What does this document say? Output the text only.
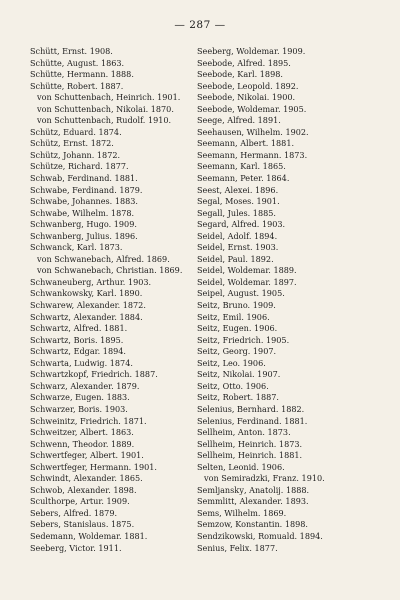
— 287 —
Schütt, Ernst. 1908.
Schütte, August. 1863.
Schütte, Hermann. 1888.
Schütte, Robert. 1887.
von Schuttenbach, Heinrich. 1901.
von Schuttenbach, Nikolai. 1870.
von Schuttenbach, Rudolf. 1910.
Schütz, Eduard. 1874.
Schütz, Ernst. 1872.
Schütz, Johann. 1872.
Schütze, Richard. 1877.
Schwab, Ferdinand. 1881.
Schwabe, Ferdinand. 1879.
Schwabe, Johannes. 1883.
Schwabe, Wilhelm. 1878.
Schwanberg, Hugo. 1909.
Schwanberg, Julius. 1896.
Schwanck, Karl. 1873.
von Schwanebach, Alfred. 1869.
von Schwanebach, Christian. 1869.
Schwaneuberg, Arthur. 1903.
Schwankowsky, Karl. 1890.
Schwarew, Alexander. 1872.
Schwartz, Alexander. 1884.
Schwartz, Alfred. 1881.
Schwartz, Boris. 1895.
Schwartz, Edgar. 1894.
Schwarta, Ludwig. 1874.
Schwartzkopf, Friedrich. 1887.
Schwarz, Alexander. 1879.
Schwarze, Eugen. 1883.
Schwarzer, Boris. 1903.
Schweinitz, Friedrich. 1871.
Schweitzer, Albert. 1863.
Schwenn, Theodor. 1889.
Schwertfeger, Albert. 1901.
Schwertfeger, Hermann. 1901.
Schwindt, Alexander. 1865.
Schwob, Alexander. 1898.
Sculthorpe, Artur. 1909.
Sebers, Alfred. 1879.
Sebers, Stanislaus. 1875.
Sedemann, Woldemar. 1881.
Seeberg, Victor. 1911.
Seeberg, Woldemar. 1909.
Seebode, Alfred. 1895.
Seebode, Karl. 1898.
Seebode, Leopold. 1892.
Seebode, Nikolai. 1900.
Seebode, Woldemar. 1905.
Seege, Alfred. 1891.
Seehausen, Wilhelm. 1902.
Seemann, Albert. 1881.
Seemann, Hermann. 1873.
Seemann, Karl. 1865.
Seemann, Peter. 1864.
Seest, Alexei. 1896.
Segal, Moses. 1901.
Segall, Jules. 1885.
Segard, Alfred. 1903.
Seidel, Adolf. 1894.
Seidel, Ernst. 1903.
Seidel, Paul. 1892.
Seidel, Woldemar. 1889.
Seidel, Woldemar. 1897.
Seipel, August. 1905.
Seitz, Bruno. 1909.
Seitz, Emil. 1906.
Seitz, Eugen. 1906.
Seitz, Friedrich. 1905.
Seitz, Georg. 1907.
Seitz, Leo. 1906.
Seitz, Nikolai. 1907.
Seitz, Otto. 1906.
Seitz, Robert. 1887.
Selenius, Bernhard. 1882.
Selenius, Ferdinand. 1881.
Sellheim, Anton. 1873.
Sellheim, Heinrich. 1873.
Sellheim, Heinrich. 1881.
Selten, Leonid. 1906.
von Semiradzki, Franz. 1910.
Semljanskу, Anatolij. 1888.
Semmlitt, Alexander. 1893.
Sems, Wilhelm. 1869.
Semzow, Konstantin. 1898.
Sendzikowski, Romuald. 1894.
Senius, Felix. 1877.
